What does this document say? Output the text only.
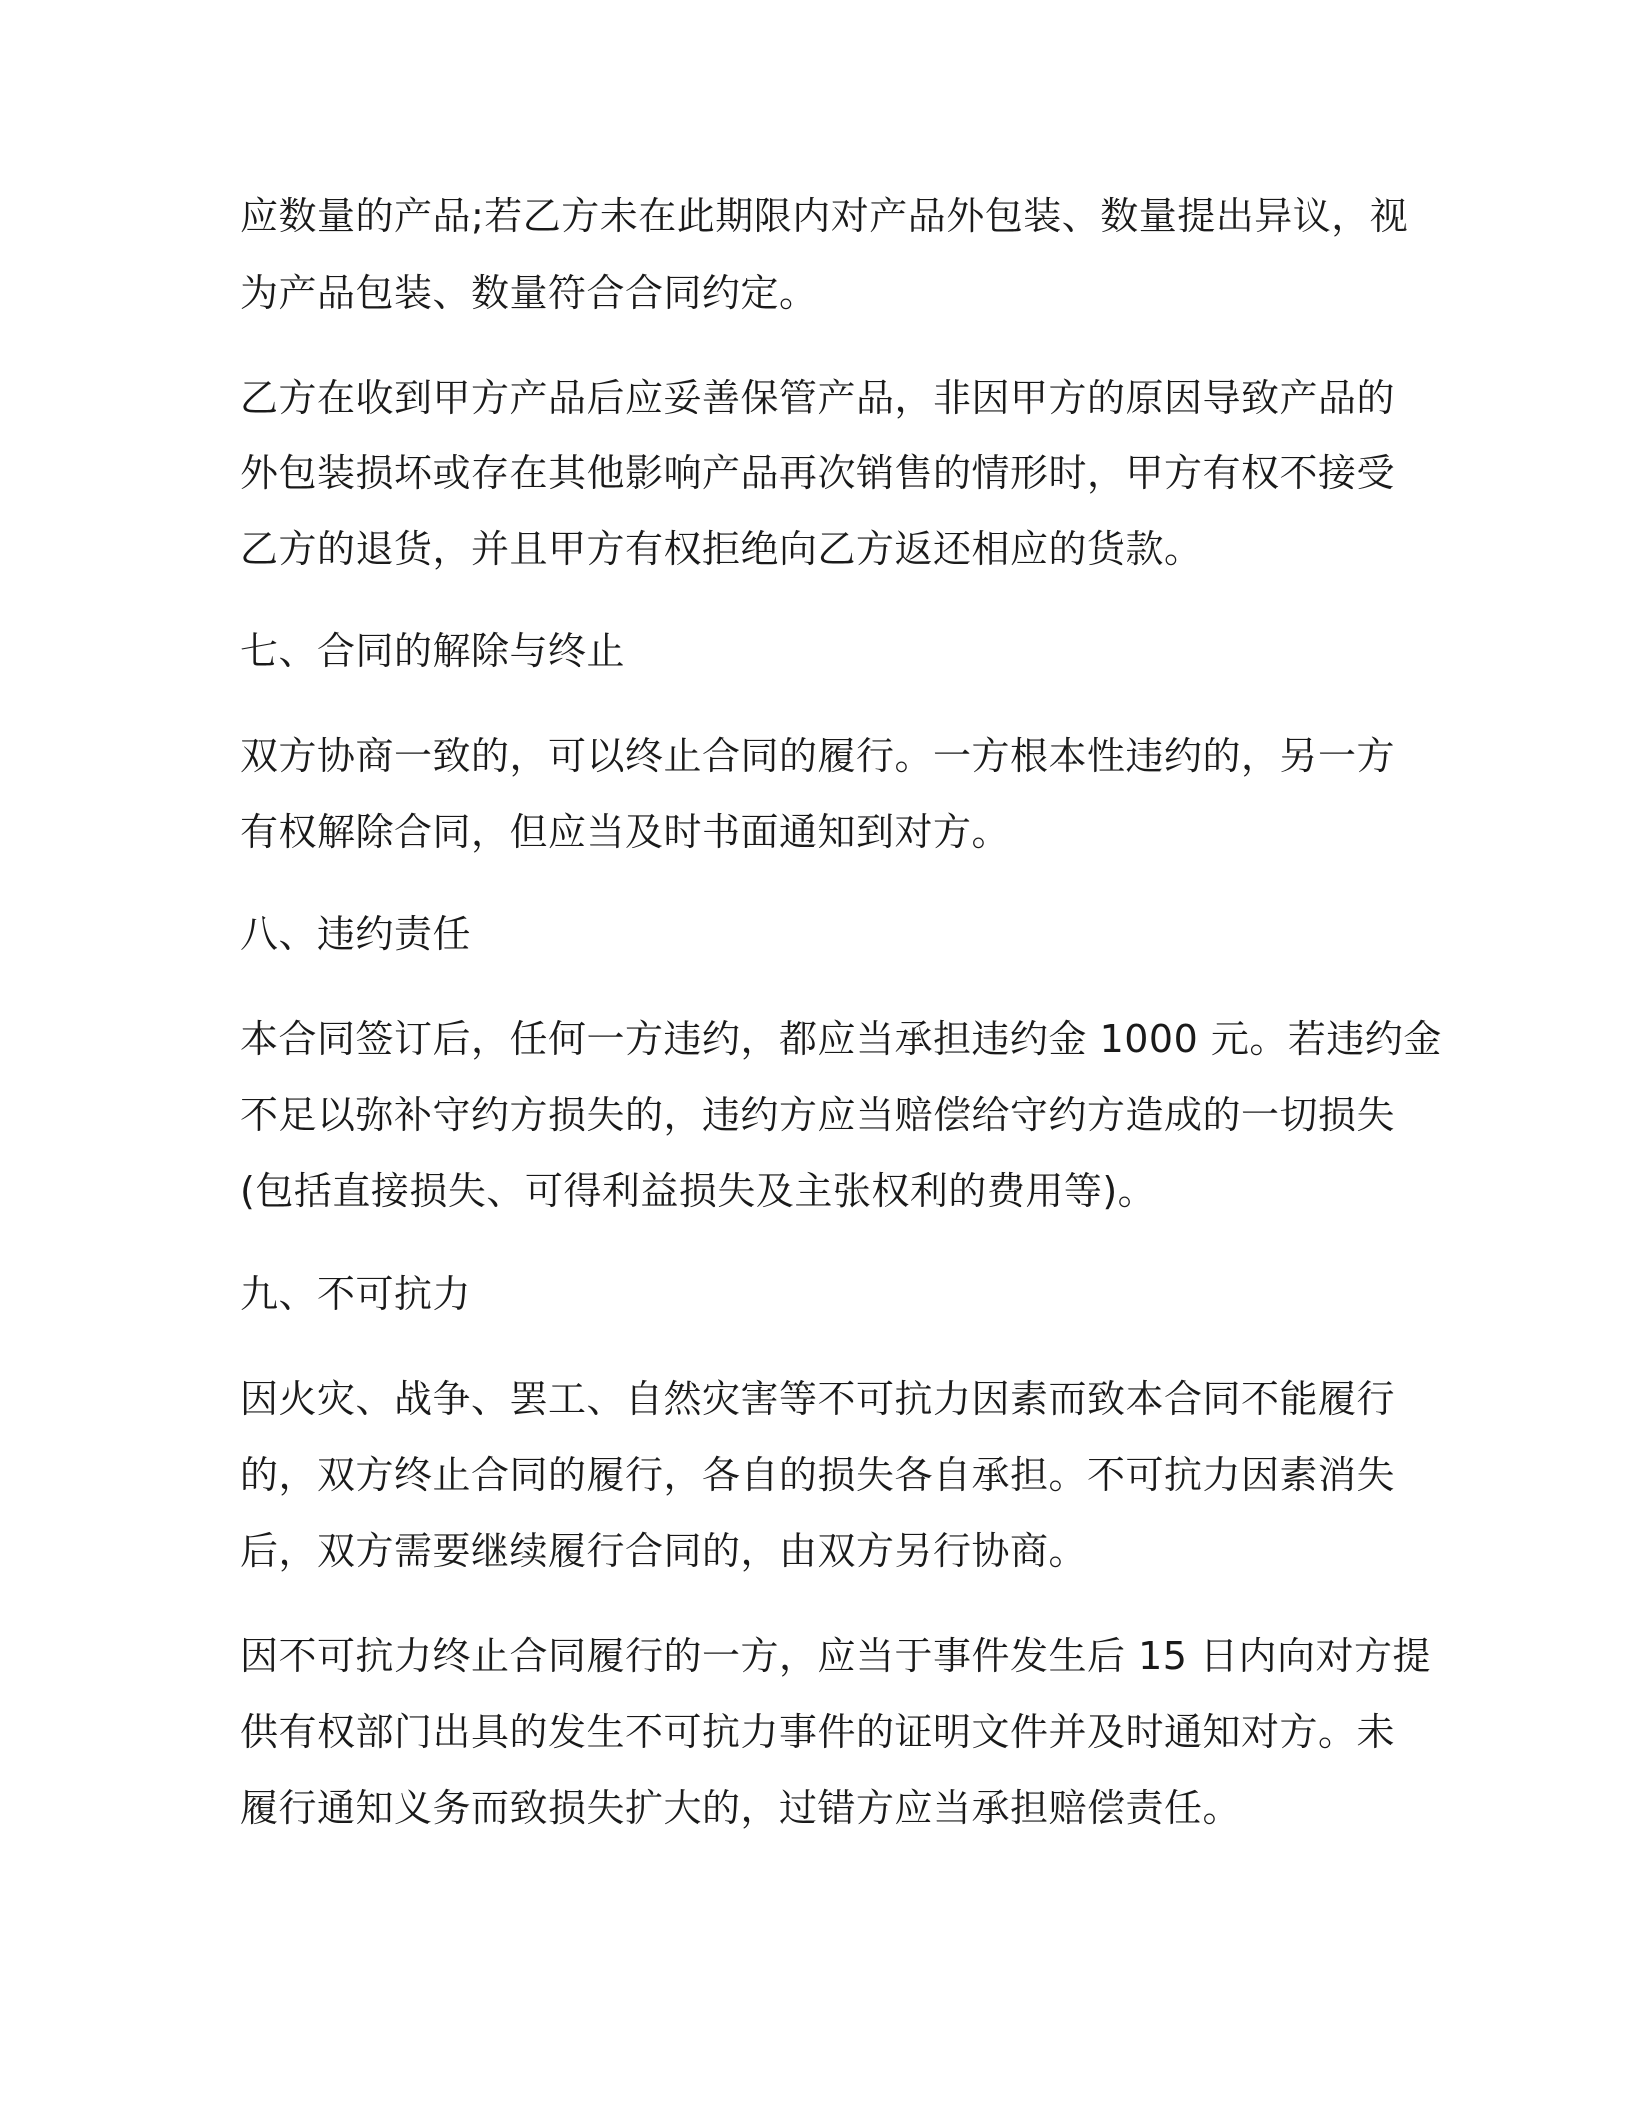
应数量的产品;若乙方未在此期限内对产品外包装、数量提出异议，视
为产品包装、数量符合合同约定。
乙方在收到甲方产品后应妥善保管产品，非因甲方的原因导致产品的
外包装损坏或存在其他影响产品再次销售的情形时，甲方有权不接受
乙方的退货，并且甲方有权拒绝向乙方返还相应的货款。
七、合同的解除与终止
双方协商一致的，可以终止合同的履行。一方根本性违约的，另一方
有权解除合同，但应当及时书面通知到对方。
八、违约责任
本合同签订后，任何一方违约，都应当承担违约金 1000 元。若违约金
不足以弥补守约方损失的，违约方应当赔偿给守约方造成的一切损失
(包括直接损失、可得利益损失及主张权利的费用等)。
九、不可抗力
因火灾、战争、罢工、自然灾害等不可抗力因素而致本合同不能履行
的，双方终止合同的履行，各自的损失各自承担。不可抗力因素消失
后，双方需要继续履行合同的，由双方另行协商。
因不可抗力终止合同履行的一方，应当于事件发生后 15 日内向对方提
供有权部门出具的发生不可抗力事件的证明文件并及时通知对方。未
履行通知义务而致损失扩大的，过错方应当承担赔偿责任。
